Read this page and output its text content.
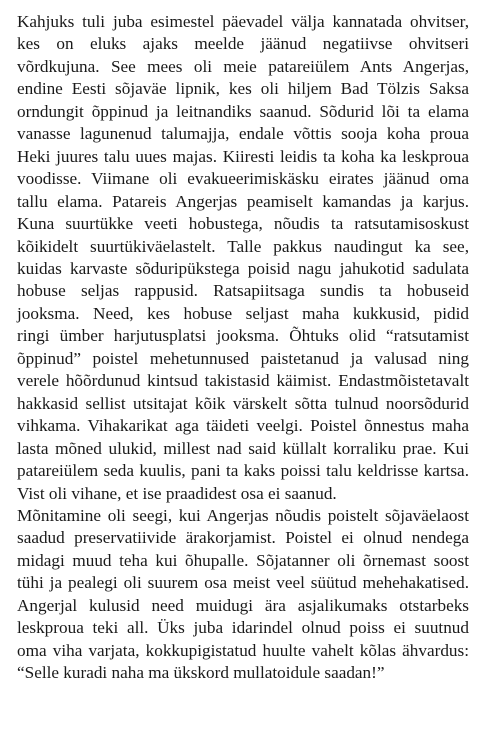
Kahjuks tuli juba esimestel päevadel välja kannatada ohvitser,
kes on eluks ajaks meelde jäänud negatiivse ohvitseri
võrdkujuna. See mees oli meie patareiülem Ants Angerjas,
endine Eesti sõjaväe lipnik, kes oli hiljem Bad Tölzis Saksa
orndungit õppinud ja leitnandiks saanud. Sõdurid lõi ta elama
vanasse lagunenud talumajja, endale võttis sooja koha proua
Heki juures talu uues majas. Kiiresti leidis ta koha ka leskproua
voodisse. Viimane oli evakueerimiskäsku eirates jäänud oma
tallu elama. Patareis Angerjas peamiselt kamandas ja karjus.
Kuna suurtükke veeti hobustega, nõudis ta ratsutamisoskust
kõikidelt suurtükiväelastelt. Talle pakkus naudingut ka see,
kuidas karvaste sõduripükstega poisid nagu jahukotid sadulata
hobuse seljas rappusid. Ratsapiitsaga sundis ta hobuseid
jooksma. Need, kes hobuse seljast maha kukkusid, pidid
ringi ümber harjutusplatsi jooksma. Õhtuks olid “ratsutamist
õppinud” poistel mehetunnused paistetanud ja valusad ning
verele hõõrdunud kintsud takistasid käimist. Endastmõistetavalt
hakkasid sellist utsitajat kõik värskelt sõtta tulnud noorsõdurid
vihkama. Vihakarikat aga täideti veelgi. Poistel õnnestus maha
lasta mõned ulukid, millest nad said küllalt korraliku prae. Kui
patareiülem seda kuulis, pani ta kaks poissi talu keldrisse kartsa.
Vist oli vihane, et ise praadidest osa ei saanud.
Mõnitamine oli seegi, kui Angerjas nõudis poistelt sõjaväelaost
saadud preservatiivide ärakorjamist. Poistel ei olnud nendega
midagi muud teha kui õhupalle. Sõjatanner oli õrnemast soost
tühi ja pealegi oli suurem osa meist veel süütud mehehakatised.
Angerjal kulusid need muidugi ära asjalikumaks otstarbeks
leskproua teki all. Üks juba idarindel olnud poiss ei suutnud
oma viha varjata, kokkupigistatud huulte vahelt kõlas ähvardus:
“Selle kuradi naha ma ükskord mullatoidule saadan!”
